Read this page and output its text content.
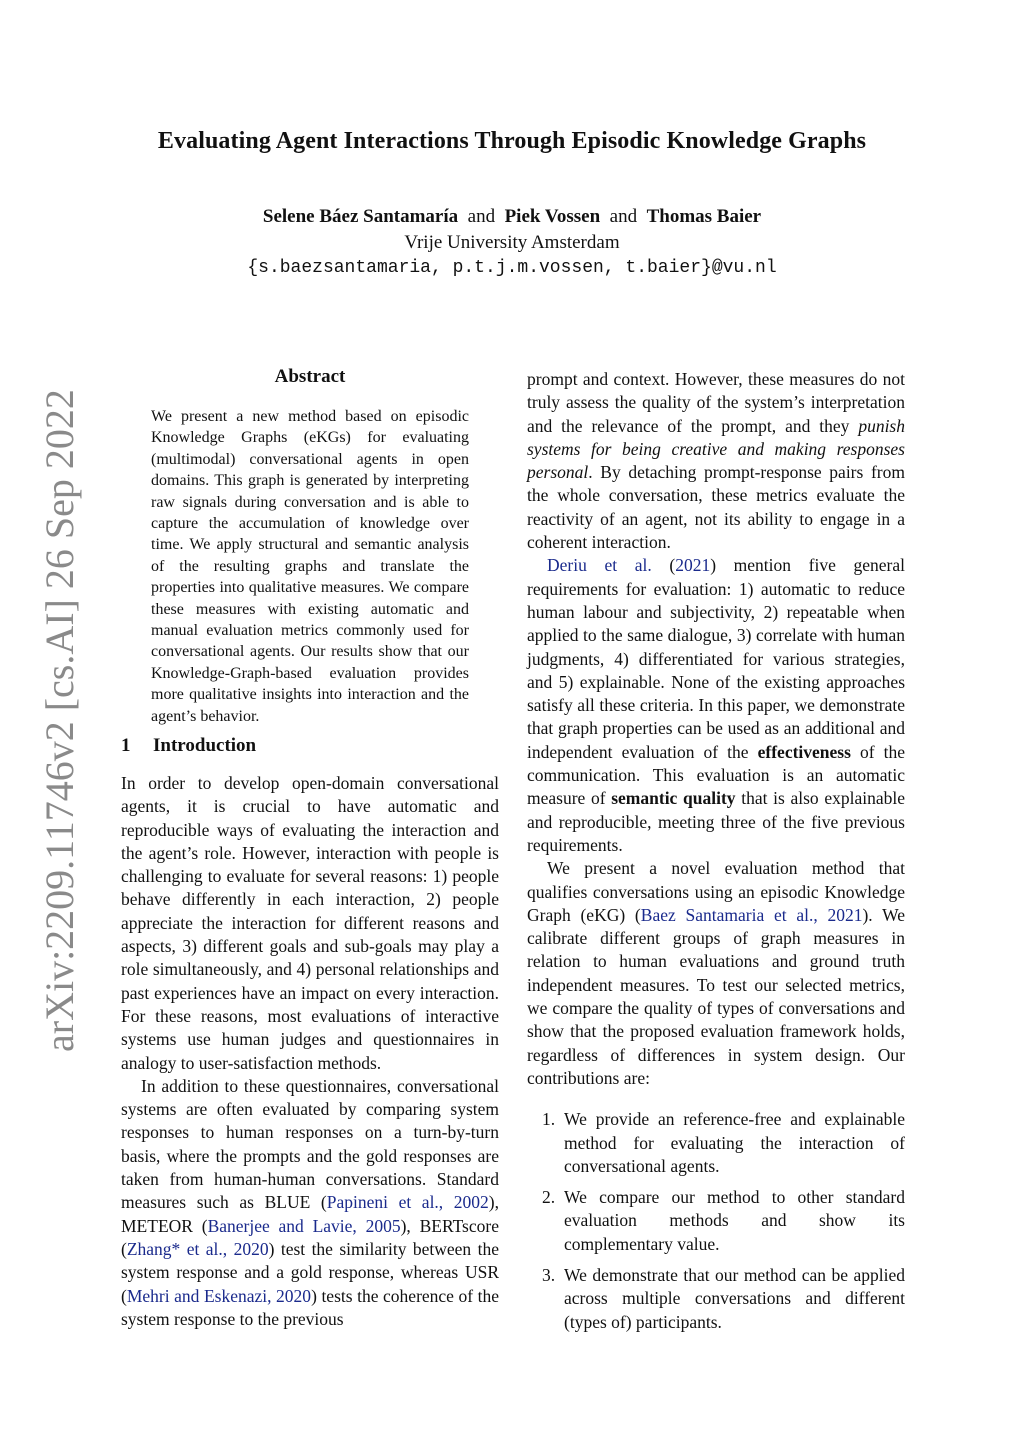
Evaluating Agent Interactions Through Episodic Knowledge Graphs
Selene Báez Santamaría and Piek Vossen and Thomas Baier
Vrije University Amsterdam
{s.baezsantamaria, p.t.j.m.vossen, t.baier}@vu.nl
arXiv:2209.11746v2 [cs.AI] 26 Sep 2022
Abstract
We present a new method based on episodic Knowledge Graphs (eKGs) for evaluating (multimodal) conversational agents in open domains. This graph is generated by interpreting raw signals during conversation and is able to capture the accumulation of knowledge over time. We apply structural and semantic analysis of the resulting graphs and translate the properties into qualitative measures. We compare these measures with existing automatic and manual evaluation metrics commonly used for conversational agents. Our results show that our Knowledge-Graph-based evaluation provides more qualitative insights into interaction and the agent’s behavior.
1 Introduction

In order to develop open-domain conversational agents, it is crucial to have automatic and reproducible ways of evaluating the interaction and the agent’s role. However, interaction with people is challenging to evaluate for several reasons: 1) people behave differently in each interaction, 2) people appreciate the interaction for different reasons and aspects, 3) different goals and sub-goals may play a role simultaneously, and 4) personal relationships and past experiences have an impact on every interaction. For these reasons, most evaluations of interactive systems use human judges and questionnaires in analogy to user-satisfaction methods.

In addition to these questionnaires, conversational systems are often evaluated by comparing system responses to human responses on a turn-by-turn basis, where the prompts and the gold responses are taken from human-human conversations. Standard measures such as BLUE (Papineni et al., 2002), METEOR (Banerjee and Lavie, 2005), BERTscore (Zhang* et al., 2020) test the similarity between the system response and a gold response, whereas USR (Mehri and Eskenazi, 2020) tests the coherence of the system response to the previous

prompt and context. However, these measures do not truly assess the quality of the system’s interpretation and the relevance of the prompt, and they punish systems for being creative and making responses personal. By detaching prompt-response pairs from the whole conversation, these metrics evaluate the reactivity of an agent, not its ability to engage in a coherent interaction.

Deriu et al. (2021) mention five general requirements for evaluation: 1) automatic to reduce human labour and subjectivity, 2) repeatable when applied to the same dialogue, 3) correlate with human judgments, 4) differentiated for various strategies, and 5) explainable. None of the existing approaches satisfy all these criteria. In this paper, we demonstrate that graph properties can be used as an additional and independent evaluation of the effectiveness of the communication. This evaluation is an automatic measure of semantic quality that is also explainable and reproducible, meeting three of the five previous requirements.

We present a novel evaluation method that qualifies conversations using an episodic Knowledge Graph (eKG) (Baez Santamaria et al., 2021). We calibrate different groups of graph measures in relation to human evaluations and ground truth independent measures. To test our selected metrics, we compare the quality of types of conversations and show that the proposed evaluation framework holds, regardless of differences in system design. Our contributions are:

1. We provide an reference-free and explainable method for evaluating the interaction of conversational agents.
2. We compare our method to other standard evaluation methods and show its complementary value.
3. We demonstrate that our method can be applied across multiple conversations and different (types of) participants.
